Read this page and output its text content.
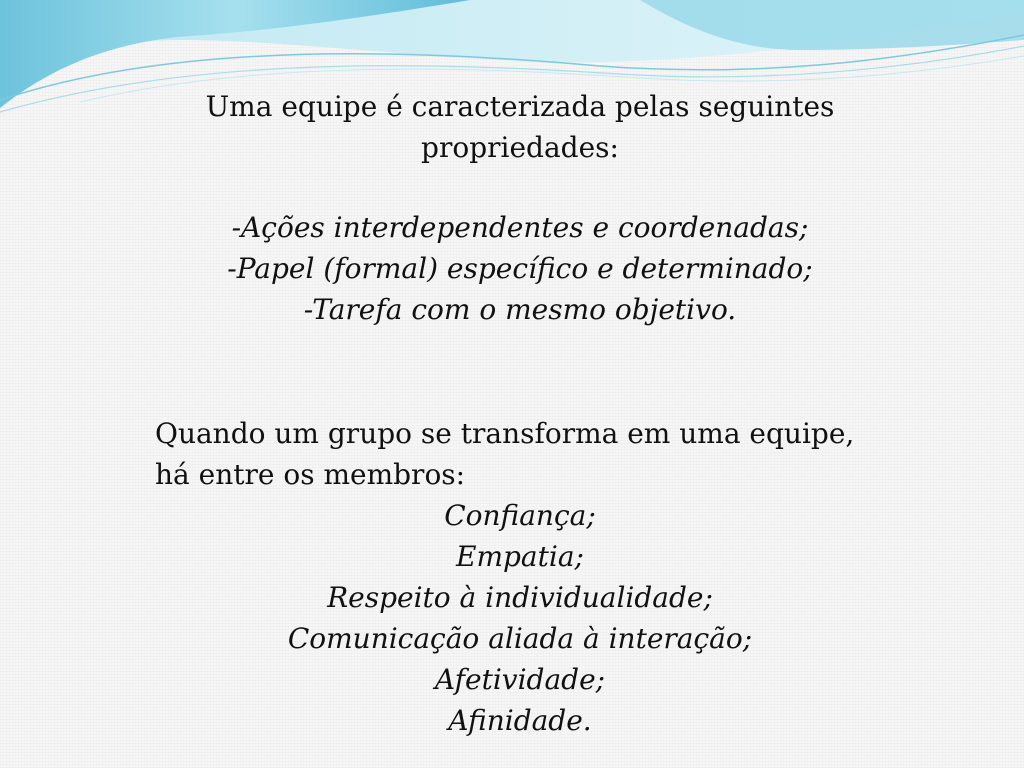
Uma equipe é caracterizada pelas seguintes
propriedades:
-Ações interdependentes e coordenadas;
-Papel (formal) específico e determinado;
-Tarefa com o mesmo objetivo.
Quando um grupo se transforma em uma equipe,
há entre os membros:
Confiança;
Empatia;
Respeito à individualidade;
Comunicação aliada à interação;
Afetividade;
Afinidade.
